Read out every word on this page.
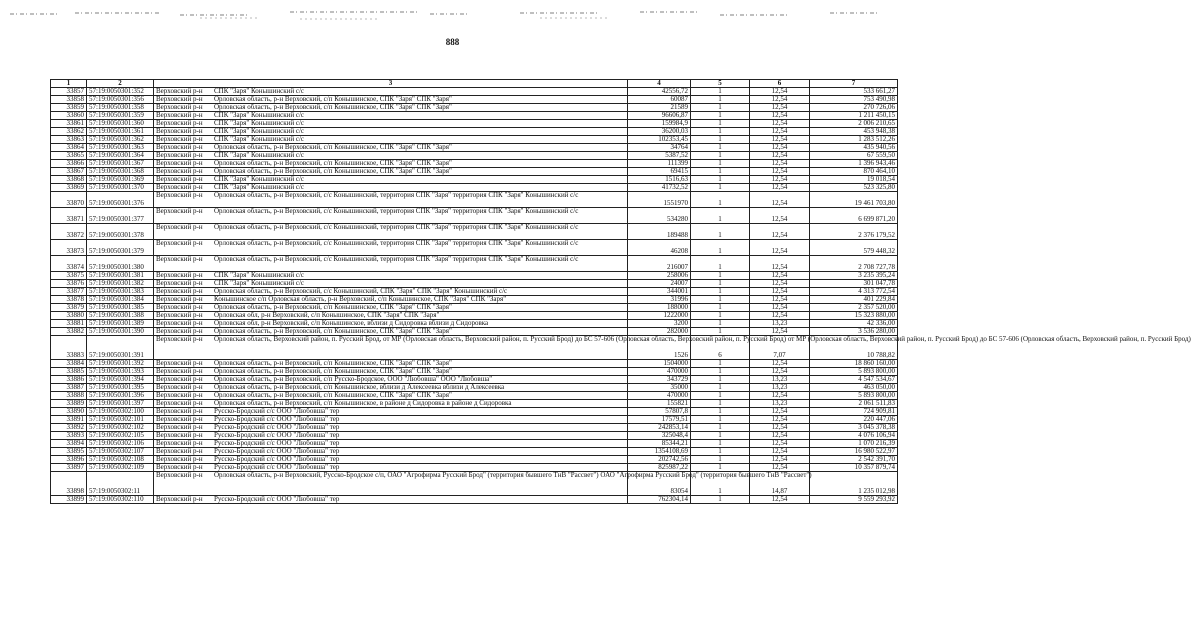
888
1	2	3	4	5	6	7
33857	57:19:0050301:352	Верховский р-н СПК "Заря" Конышинский с/с	42556,72	1	12,54	533 661,27
33858	57:19:0050301:356	Верховский р-н Орловская область, р-н Верховский, с/п Конышинское, СПК "Заря" СПК "Заря"	60087	1	12,54	753 490,98
33859	57:19:0050301:358	Верховский р-н Орловская область, р-н Верховский, с/п Конышинское, СПК "Заря" СПК "Заря"	21589	1	12,54	270 726,06
33860	57:19:0050301:359	Верховский р-н СПК "Заря" Конышинский с/с	96606,87	1	12,54	1 211 450,15
33861	57:19:0050301:360	Верховский р-н СПК "Заря" Конышинский с/с	159984,9	1	12,54	2 006 210,65
33862	57:19:0050301:361	Верховский р-н СПК "Заря" Конышинский с/с	36200,03	1	12,54	453 948,38
33863	57:19:0050301:362	Верховский р-н СПК "Заря" Конышинский с/с	102353,45	1	12,54	1 283 512,26
33864	57:19:0050301:363	Верховский р-н Орловская область, р-н Верховский, с/п Конышинское, СПК "Заря" СПК "Заря"	34764	1	12,54	435 940,56
33865	57:19:0050301:364	Верховский р-н СПК "Заря" Конышинский с/с	5387,52	1	12,54	67 559,50
33866	57:19:0050301:367	Верховский р-н Орловская область, р-н Верховский, с/п Конышинское, СПК "Заря" СПК "Заря"	111399	1	12,54	1 396 943,46
33867	57:19:0050301:368	Верховский р-н Орловская область, р-н Верховский, с/п Конышинское, СПК "Заря" СПК "Заря"	69415	1	12,54	870 464,10
33868	57:19:0050301:369	Верховский р-н СПК "Заря" Конышинский с/с	1516,63	1	12,54	19 018,54
33869	57:19:0050301:370	Верховский р-н СПК "Заря" Конышинский с/с	41732,52	1	12,54	523 325,80
33870	57:19:0050301:376	Верховский р-н Орловская область, р-н Верховский, с/с Конышинский, территория СПК "Заря" территория СПК "Заря" Конышинский с/с	1551970	1	12,54	19 461 703,80
33871	57:19:0050301:377	Верховский р-н Орловская область, р-н Верховский, с/с Конышинский, территория СПК "Заря" территория СПК "Заря" Конышинский с/с	534280	1	12,54	6 699 871,20
33872	57:19:0050301:378	Верховский р-н Орловская область, р-н Верховский, с/с Конышинский, территория СПК "Заря" территория СПК "Заря" Конышинский с/с	189488	1	12,54	2 376 179,52
33873	57:19:0050301:379	Верховский р-н Орловская область, р-н Верховский, с/с Конышинский, территория СПК "Заря" территория СПК "Заря" Конышинский с/с	46208	1	12,54	579 448,32
33874	57:19:0050301:380	Верховский р-н Орловская область, р-н Верховский, с/с Конышинский, территория СПК "Заря" территория СПК "Заря" Конышинский с/с	216007	1	12,54	2 708 727,78
33875	57:19:0050301:381	Верховский р-н СПК "Заря" Конышинский с/с	258006	1	12,54	3 235 395,24
33876	57:19:0050301:382	Верховский р-н СПК "Заря" Конышинский с/с	24007	1	12,54	301 047,78
33877	57:19:0050301:383	Верховский р-н Орловская область, р-н Верховский, с/с Конышинский, СПК "Заря" СПК "Заря" Конышинский с/с	344001	1	12,54	4 313 772,54
33878	57:19:0050301:384	Верховский р-н Конышинское с/п Орловская область, р-н Верховский, с/п Конышинское, СПК "Заря" СПК "Заря"	31996	1	12,54	401 229,84
33879	57:19:0050301:385	Верховский р-н Орловская область, р-н Верховский, с/п Конышинское, СПК "Заря" СПК "Заря"	188000	1	12,54	2 357 520,00
33880	57:19:0050301:388	Верховский р-н Орловская обл, р-н Верховский, с/п Конышинское, СПК "Заря" СПК "Заря"	1222000	1	12,54	15 323 880,00
33881	57:19:0050301:389	Верховский р-н Орловская обл, р-н Верховский, с/п Конышинское, вблизи д Сидоровка вблизи д Сидоровка	3200	1	13,23	42 336,00
33882	57:19:0050301:390	Верховский р-н Орловская область, р-н Верховский, с/п Конышинское, СПК "Заря" СПК "Заря"	282000	1	12,54	3 536 280,00
33883	57:19:0050301:391	Верховский р-н Орловская область, Верховский район, п. Русский Брод, от МР (Орловская область, Верховский район, п. Русский Брод) до БС 57-606 (Орловская область, Верховский район, п. Русский Брод) от МР (Орловская область, Верховский район, п. Русский Брод) до БС 57-606 (Орловская область, Верховский район, п. Русский Брод)	1526	6	7,07	10 788,82
33884	57:19:0050301:392	Верховский р-н Орловская область, р-н Верховский, с/п Конышинское, СПК "Заря" СПК "Заря"	1504000	1	12,54	18 860 160,00
33885	57:19:0050301:393	Верховский р-н Орловская область, р-н Верховский, с/п Конышинское, СПК "Заря" СПК "Заря"	470000	1	12,54	5 893 800,00
33886	57:19:0050301:394	Верховский р-н Орловская область, р-н Верховский, с/п Русско-Бродское, ООО "Любовша" ООО "Любовша"	343729	1	13,23	4 547 534,67
33887	57:19:0050301:395	Верховский р-н Орловская область, р-н Верховский, с/п Конышинское, вблизи д Алексеевка вблизи д Алексеевка	35000	1	13,23	463 050,00
33888	57:19:0050301:396	Верховский р-н Орловская область, р-н Верховский, с/п Конышинское, СПК "Заря" СПК "Заря"	470000	1	12,54	5 893 800,00
33889	57:19:0050301:397	Верховский р-н Орловская область, р-н Верховский, с/п Конышинское, в районе д Сидоровка в районе д Сидоровка	155821	1	13,23	2 061 511,83
33890	57:19:0050302:100	Верховский р-н Русско-Бродский с/с ООО "Любовша" тер	57807,8	1	12,54	724 909,81
33891	57:19:0050302:101	Верховский р-н Русско-Бродский с/с ООО "Любовша" тер	17579,51	1	12,54	220 447,06
33892	57:19:0050302:102	Верховский р-н Русско-Бродский с/с ООО "Любовша" тер	242853,14	1	12,54	3 045 378,38
33893	57:19:0050302:105	Верховский р-н Русско-Бродский с/с ООО "Любовша" тер	325048,4	1	12,54	4 076 106,94
33894	57:19:0050302:106	Верховский р-н Русско-Бродский с/с ООО "Любовша" тер	85344,21	1	12,54	1 070 216,39
33895	57:19:0050302:107	Верховский р-н Русско-Бродский с/с ООО "Любовша" тер	1354108,69	1	12,54	16 980 522,97
33896	57:19:0050302:108	Верховский р-н Русско-Бродский с/с ООО "Любовша" тер	202742,56	1	12,54	2 542 391,70
33897	57:19:0050302:109	Верховский р-н Русско-Бродский с/с ООО "Любовша" тер	825987,22	1	12,54	10 357 879,74
33898	57:19:0050302:11	Верховский р-н Орловская область, р-н Верховский, Русско-Бродское с/п, ОАО "Агрофирма Русский Брод" (территория бывшего ТнВ "Рассвет") ОАО "Агрофирма Русский Брод" (территория бывшего ТнВ "Рассвет")	83054	1	14,87	1 235 012,98
33899	57:19:0050302:110	Верховский р-н Русско-Бродский с/с ООО "Любовша" тер	762304,14	1	12,54	9 559 293,92
